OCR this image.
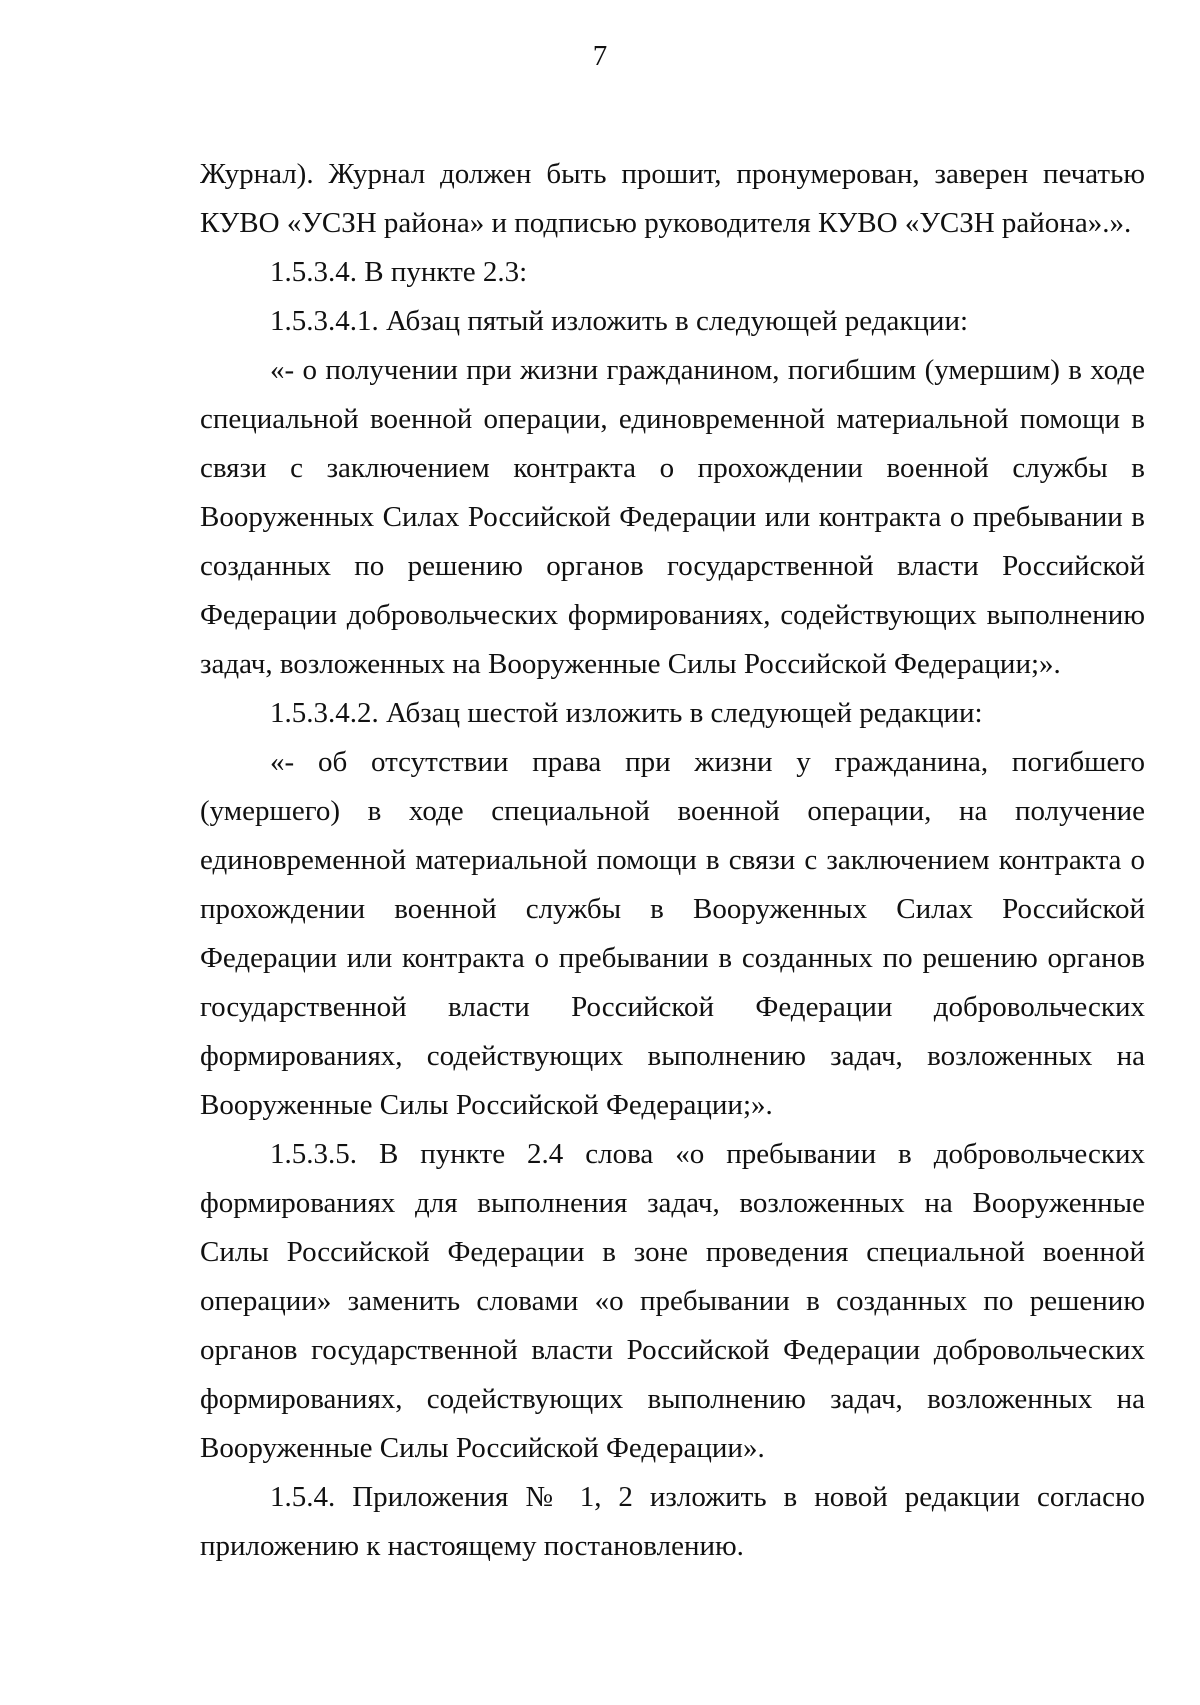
7

Журнал). Журнал должен быть прошит, пронумерован, заверен печатью КУВО «УСЗН района» и подписью руководителя КУВО «УСЗН района».».

1.5.3.4. В пункте 2.3:

1.5.3.4.1. Абзац пятый изложить в следующей редакции:

«- о получении при жизни гражданином, погибшим (умершим) в ходе специальной военной операции, единовременной материальной помощи в связи с заключением контракта о прохождении военной службы в Вооруженных Силах Российской Федерации или контракта о пребывании в созданных по решению органов государственной власти Российской Федерации добровольческих формированиях, содействующих выполнению задач, возложенных на Вооруженные Силы Российской Федерации;».

1.5.3.4.2. Абзац шестой изложить в следующей редакции:

«- об отсутствии права при жизни у гражданина, погибшего (умершего) в ходе специальной военной операции, на получение единовременной материальной помощи в связи с заключением контракта о прохождении военной службы в Вооруженных Силах Российской Федерации или контракта о пребывании в созданных по решению органов государственной власти Российской Федерации добровольческих формированиях, содействующих выполнению задач, возложенных на Вооруженные Силы Российской Федерации;».

1.5.3.5. В пункте 2.4 слова «о пребывании в добровольческих формированиях для выполнения задач, возложенных на Вооруженные Силы Российской Федерации в зоне проведения специальной военной операции» заменить словами «о пребывании в созданных по решению органов государственной власти Российской Федерации добровольческих формированиях, содействующих выполнению задач, возложенных на Вооруженные Силы Российской Федерации».

1.5.4. Приложения № 1, 2 изложить в новой редакции согласно приложению к настоящему постановлению.
